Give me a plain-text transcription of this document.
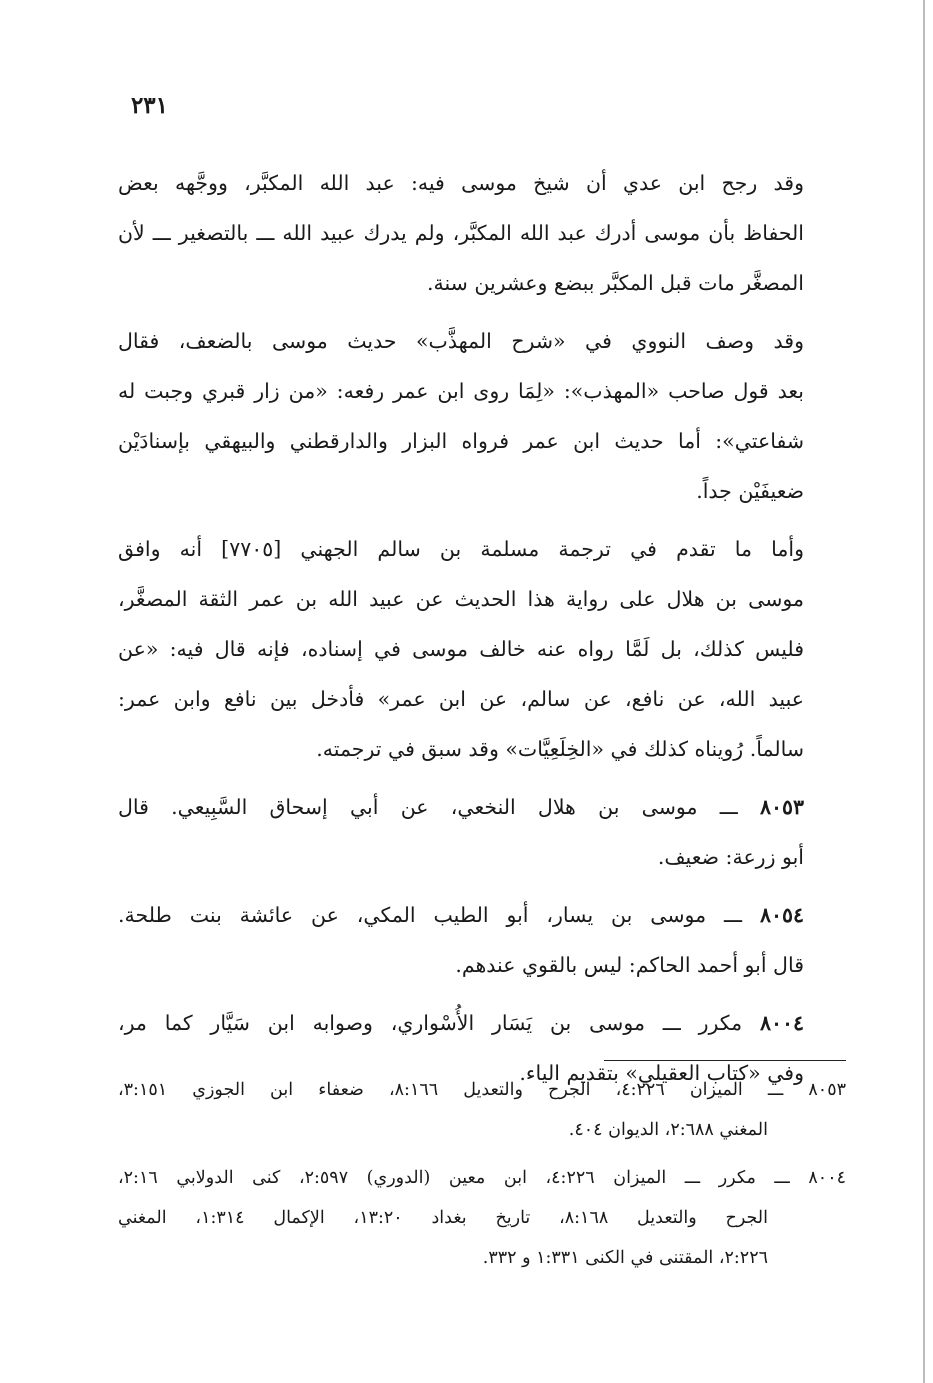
٢٣١

وقد رجح ابن عدي أن شيخ موسى فيه: عبد الله المكبَّر، ووجَّهه بعض
الحفاظ بأن موسى أدرك عبد الله المكبَّر، ولم يدرك عبيد الله ـــ بالتصغير ـــ لأن
المصغَّر مات قبل المكبَّر ببضع وعشرين سنة.

وقد وصف النووي في «شرح المهذَّب» حديث موسى بالضعف، فقال
بعد قول صاحب «المهذب»: «لِمَا روى ابن عمر رفعه: «من زار قبري وجبت له
شفاعتي»: أما حديث ابن عمر فرواه البزار والدارقطني والبيهقي بإسنادَيْن
ضعيفَيْن جداً.

وأما ما تقدم في ترجمة مسلمة بن سالم الجهني [٧٧٠٥] أنه وافق
موسى بن هلال على رواية هذا الحديث عن عبيد الله بن عمر الثقة المصغَّر،
فليس كذلك، بل لَمَّا رواه عنه خالف موسى في إسناده، فإنه قال فيه: «عن
عبيد الله، عن نافع، عن سالم، عن ابن عمر» فأدخل بين نافع وابن عمر:
سالماً. رُويناه كذلك في «الخِلَعِيَّات» وقد سبق في ترجمته.

٨٠٥٣ ـــ موسى بن هلال النخعي، عن أبي إسحاق السَّبِيعي. قال
أبو زرعة: ضعيف.

٨٠٥٤ ـــ موسى بن يسار، أبو الطيب المكي، عن عائشة بنت طلحة.
قال أبو أحمد الحاكم: ليس بالقوي عندهم.

٨٠٠٤ مكرر ـــ موسى بن يَسَار الأُسْواري، وصوابه ابن سَيَّار كما مر،
وفي «كتاب العقيلي» بتقديم الياء.

٨٠٥٣ ـــ الميزان ٤:٢٢٦، الجرح والتعديل ٨:١٦٦، ضعفاء ابن الجوزي ٣:١٥١،
المغني ٢:٦٨٨، الديوان ٤٠٤.

٨٠٠٤ ـــ مكرر ـــ الميزان ٤:٢٢٦، ابن معين (الدوري) ٢:٥٩٧، كنى الدولابي ٢:١٦،
الجرح والتعديل ٨:١٦٨، تاريخ بغداد ١٣:٢٠، الإكمال ١:٣١٤، المغني
٢:٢٢٦، المقتنى في الكنى ١:٣٣١ و ٣٣٢.
